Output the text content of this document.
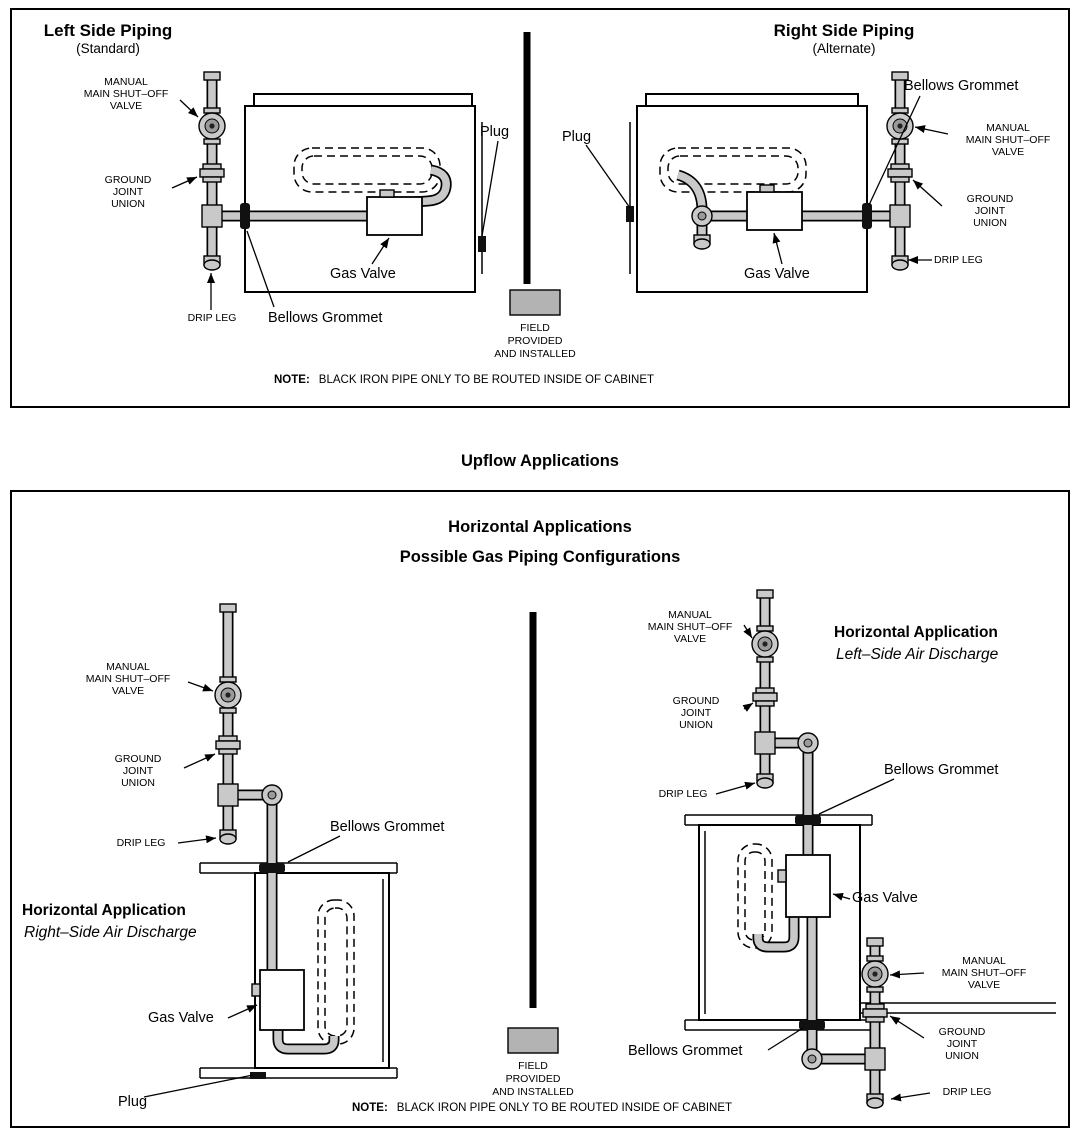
Left Side Piping
(Standard)
Right Side Piping
(Alternate)
MANUAL
MAIN SHUT–OFF
VALVE
GROUND
JOINT
UNION
DRIP LEG	Bellows Grommet
Gas Valve
Plug
Bellows Grommet
Plug
Gas Valve
MANUAL
MAIN SHUT–OFF
VALVE
GROUND
JOINT
UNION
DRIP LEG
FIELD
PROVIDED
AND INSTALLED
NOTE: BLACK IRON PIPE ONLY TO BE ROUTED INSIDE OF CABINET
Upflow Applications
Horizontal Applications
Possible Gas Piping Configurations
MANUAL
MAIN SHUT–OFF
VALVE
GROUND
JOINT
UNION
DRIP LEG
Bellows Grommet
Horizontal Application
Right–Side Air Discharge
Gas Valve
Plug
MANUAL
MAIN SHUT–OFF
VALVE
GROUND
JOINT
UNION
DRIP LEG
Horizontal Application
Left–Side Air Discharge
Bellows Grommet
Gas Valve
MANUAL
MAIN SHUT–OFF
VALVE
GROUND
JOINT
UNION
Bellows Grommet
DRIP LEG
FIELD
PROVIDED
AND INSTALLED
NOTE: BLACK IRON PIPE ONLY TO BE ROUTED INSIDE OF CABINET
